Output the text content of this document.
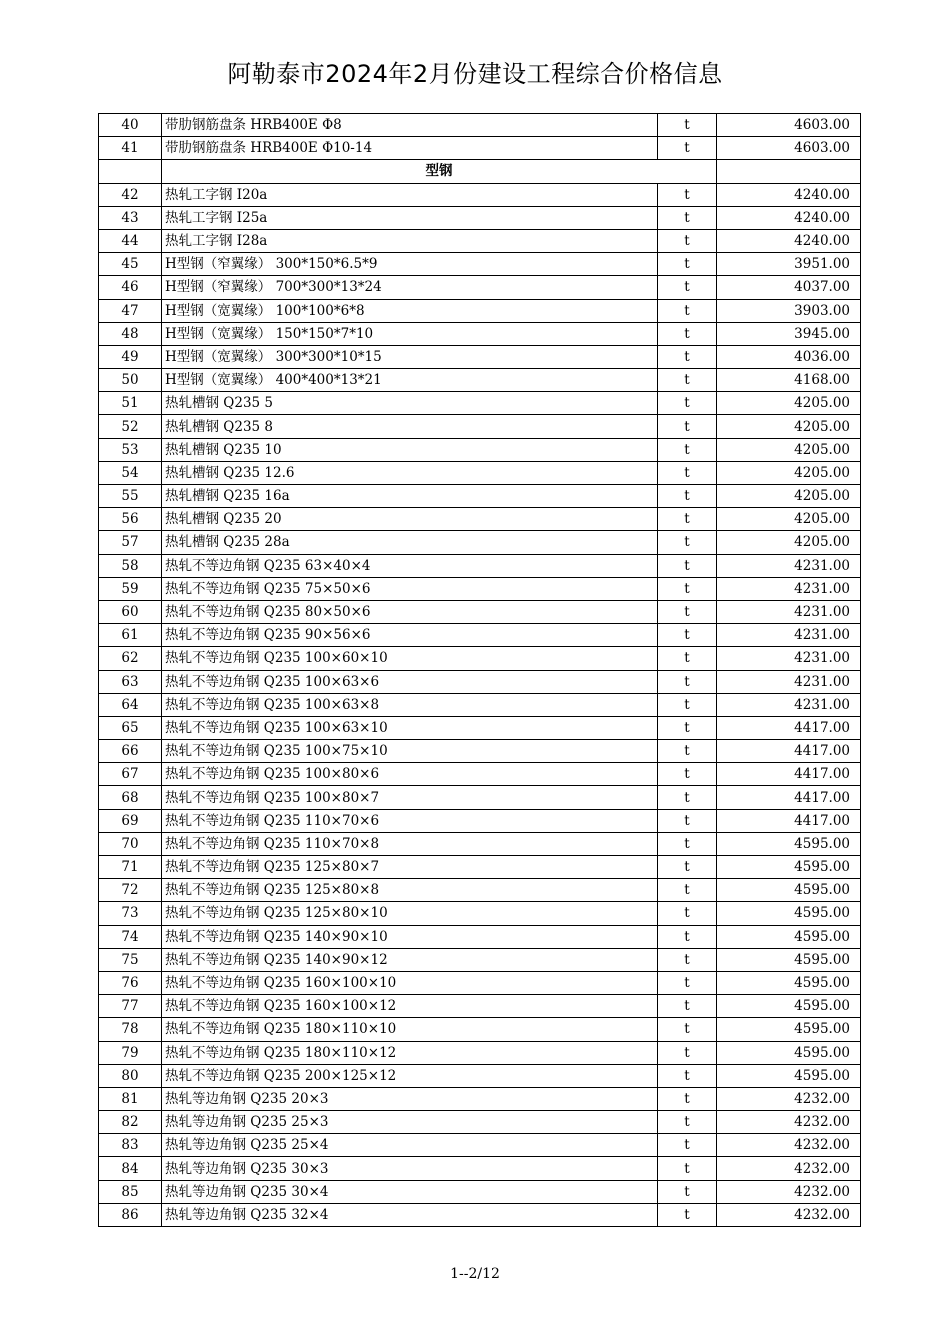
阿勒泰市2024年2月份建设工程综合价格信息
40	带肋钢筋盘条 HRB400E Φ8	t	4603.00
41	带肋钢筋盘条 HRB400E Φ10-14	t	4603.00
	型钢		
42	热轧工字钢 I20a	t	4240.00
43	热轧工字钢 I25a	t	4240.00
44	热轧工字钢 I28a	t	4240.00
45	H型钢（窄翼缘） 300*150*6.5*9	t	3951.00
46	H型钢（窄翼缘） 700*300*13*24	t	4037.00
47	H型钢（宽翼缘） 100*100*6*8	t	3903.00
48	H型钢（宽翼缘） 150*150*7*10	t	3945.00
49	H型钢（宽翼缘） 300*300*10*15	t	4036.00
50	H型钢（宽翼缘） 400*400*13*21	t	4168.00
51	热轧槽钢 Q235 5	t	4205.00
52	热轧槽钢 Q235 8	t	4205.00
53	热轧槽钢 Q235 10	t	4205.00
54	热轧槽钢 Q235 12.6	t	4205.00
55	热轧槽钢 Q235 16a	t	4205.00
56	热轧槽钢 Q235 20	t	4205.00
57	热轧槽钢 Q235 28a	t	4205.00
58	热轧不等边角钢 Q235 63×40×4	t	4231.00
59	热轧不等边角钢 Q235 75×50×6	t	4231.00
60	热轧不等边角钢 Q235 80×50×6	t	4231.00
61	热轧不等边角钢 Q235 90×56×6	t	4231.00
62	热轧不等边角钢 Q235 100×60×10	t	4231.00
63	热轧不等边角钢 Q235 100×63×6	t	4231.00
64	热轧不等边角钢 Q235 100×63×8	t	4231.00
65	热轧不等边角钢 Q235 100×63×10	t	4417.00
66	热轧不等边角钢 Q235 100×75×10	t	4417.00
67	热轧不等边角钢 Q235 100×80×6	t	4417.00
68	热轧不等边角钢 Q235 100×80×7	t	4417.00
69	热轧不等边角钢 Q235 110×70×6	t	4417.00
70	热轧不等边角钢 Q235 110×70×8	t	4595.00
71	热轧不等边角钢 Q235 125×80×7	t	4595.00
72	热轧不等边角钢 Q235 125×80×8	t	4595.00
73	热轧不等边角钢 Q235 125×80×10	t	4595.00
74	热轧不等边角钢 Q235 140×90×10	t	4595.00
75	热轧不等边角钢 Q235 140×90×12	t	4595.00
76	热轧不等边角钢 Q235 160×100×10	t	4595.00
77	热轧不等边角钢 Q235 160×100×12	t	4595.00
78	热轧不等边角钢 Q235 180×110×10	t	4595.00
79	热轧不等边角钢 Q235 180×110×12	t	4595.00
80	热轧不等边角钢 Q235 200×125×12	t	4595.00
81	热轧等边角钢 Q235 20×3	t	4232.00
82	热轧等边角钢 Q235 25×3	t	4232.00
83	热轧等边角钢 Q235 25×4	t	4232.00
84	热轧等边角钢 Q235 30×3	t	4232.00
85	热轧等边角钢 Q235 30×4	t	4232.00
86	热轧等边角钢 Q235 32×4	t	4232.00
1--2/12
